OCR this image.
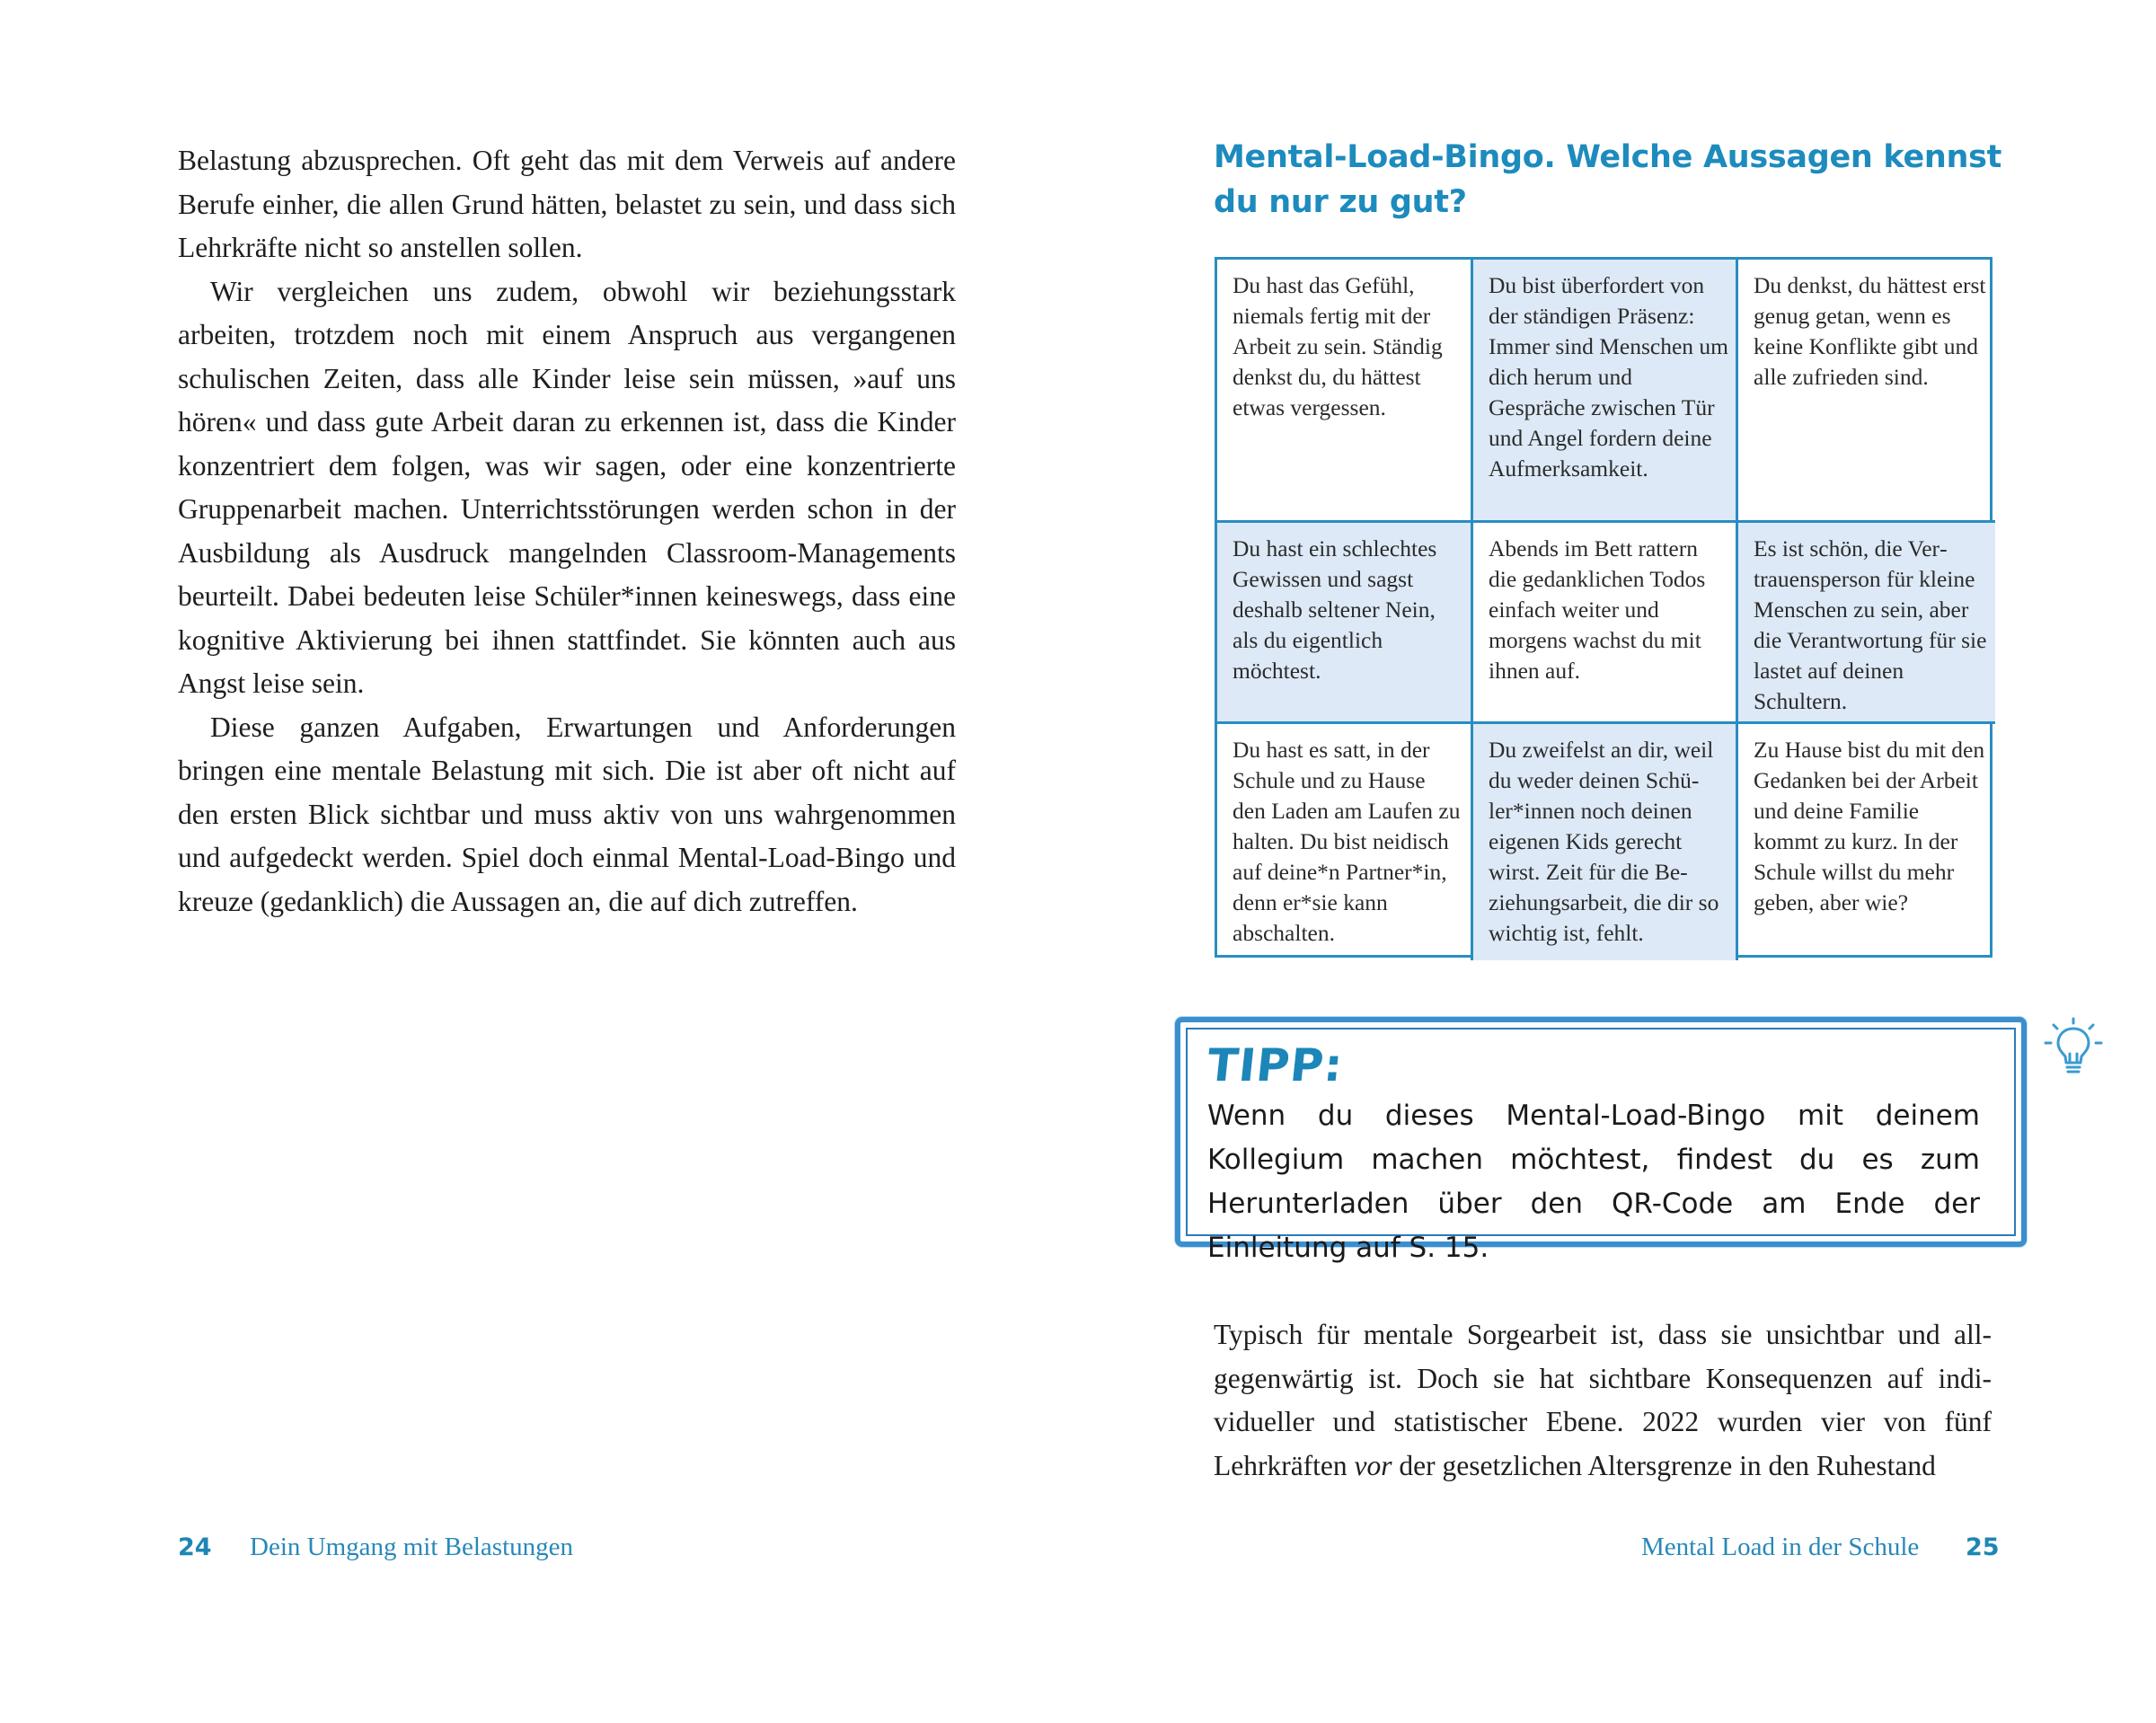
Belastung abzusprechen. Oft geht das mit dem Verweis auf andere Berufe einher, die allen Grund hätten, belastet zu sein, und dass sich Lehrkräfte nicht so anstellen sollen.

Wir vergleichen uns zudem, obwohl wir beziehungsstark arbeiten, trotzdem noch mit einem Anspruch aus vergangenen schulischen Zeiten, dass alle Kinder leise sein müssen, »auf uns hören« und dass gute Arbeit daran zu erkennen ist, dass die Kinder konzentriert dem folgen, was wir sagen, oder eine konzentrierte Gruppenarbeit machen. Unterrichtsstörungen werden schon in der Ausbildung als Ausdruck mangelnden Classroom-Managements beurteilt. Dabei bedeuten leise Schüler*innen keineswegs, dass eine kognitive Aktivierung bei ihnen stattfindet. Sie könnten auch aus Angst leise sein.

Diese ganzen Aufgaben, Erwartungen und Anforderungen bringen eine mentale Belastung mit sich. Die ist aber oft nicht auf den ersten Blick sichtbar und muss aktiv von uns wahrgenommen und aufgedeckt werden. Spiel doch einmal Mental-Load-Bingo und kreuze (gedanklich) die Aussagen an, die auf dich zutreffen.

24 Dein Umgang mit Belastungen
Mental-Load-Bingo. Welche Aussagen kennst du nur zu gut?
Du hast das Gefühl, niemals fertig mit der Arbeit zu sein. Ständig denkst du, du hättest etwas vergessen.
Du bist überfordert von der ständigen Präsenz: Immer sind Menschen um dich herum und Gespräche zwischen Tür und Angel fordern deine Aufmerksamkeit.
Du denkst, du hättest erst genug getan, wenn es keine Konflikte gibt und alle zufrieden sind.
Du hast ein schlechtes Gewissen und sagst deshalb seltener Nein, als du eigentlich möchtest.
Abends im Bett rattern die gedanklichen Todos einfach weiter und morgens wachst du mit ihnen auf.
Es ist schön, die Vertrauensperson für kleine Menschen zu sein, aber die Verantwortung für sie lastet auf deinen Schultern.
Du hast es satt, in der Schule und zu Hause den Laden am Laufen zu halten. Du bist neidisch auf deine*n Partner*in, denn er*sie kann abschalten.
Du zweifelst an dir, weil du weder deinen Schüler*innen noch deinen eigenen Kids gerecht wirst. Zeit für die Beziehungsarbeit, die dir so wichtig ist, fehlt.
Zu Hause bist du mit den Gedanken bei der Arbeit und deine Familie kommt zu kurz. In der Schule willst du mehr geben, aber wie?
TIPP:
Wenn du dieses Mental-Load-Bingo mit deinem Kollegium machen möchtest, findest du es zum Herunterladen über den QR-Code am Ende der Einleitung auf S. 15.

Typisch für mentale Sorgearbeit ist, dass sie unsichtbar und allgegenwärtig ist. Doch sie hat sichtbare Konsequenzen auf individueller und statistischer Ebene. 2022 wurden vier von fünf Lehrkräften vor der gesetzlichen Altersgrenze in den Ruhestand

Mental Load in der Schule 25
